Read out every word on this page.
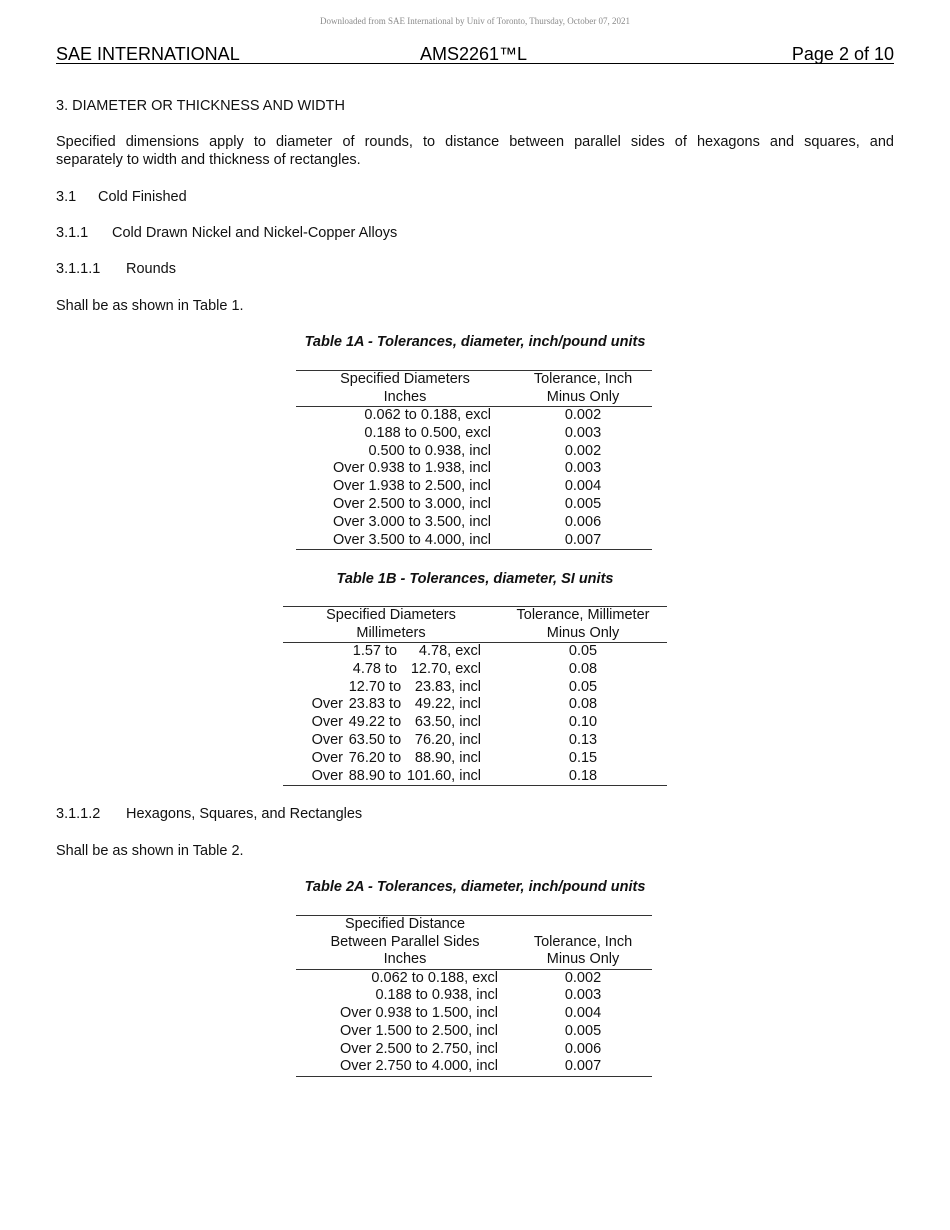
Downloaded from SAE International by Univ of Toronto, Thursday, October 07, 2021
SAE INTERNATIONAL	AMS2261™L	Page 2 of 10
3. DIAMETER OR THICKNESS AND WIDTH
Specified dimensions apply to diameter of rounds, to distance between parallel sides of hexagons and squares, and
separately to width and thickness of rectangles.
3.1 Cold Finished
3.1.1 Cold Drawn Nickel and Nickel-Copper Alloys
3.1.1.1 Rounds
Shall be as shown in Table 1.
Table 1A - Tolerances, diameter, inch/pound units
Specified Diameters	Tolerance, Inch
Inches	Minus Only
0.062 to 0.188, excl	0.002
0.188 to 0.500, excl	0.003
0.500 to 0.938, incl	0.002
Over 0.938 to 1.938, incl	0.003
Over 1.938 to 2.500, incl	0.004
Over 2.500 to 3.000, incl	0.005
Over 3.000 to 3.500, incl	0.006
Over 3.500 to 4.000, incl	0.007
Table 1B - Tolerances, diameter, SI units
Specified Diameters	Tolerance, Millimeter
Millimeters	Minus Only
1.57 to 4.78, excl	0.05
4.78 to 12.70, excl	0.08
12.70 to 23.83, incl	0.05
Over 23.83 to 49.22, incl	0.08
Over 49.22 to 63.50, incl	0.10
Over 63.50 to 76.20, incl	0.13
Over 76.20 to 88.90, incl	0.15
Over 88.90 to 101.60, incl	0.18
3.1.1.2 Hexagons, Squares, and Rectangles
Shall be as shown in Table 2.
Table 2A - Tolerances, diameter, inch/pound units
Specified Distance
Between Parallel Sides	Tolerance, Inch
Inches	Minus Only
0.062 to 0.188, excl	0.002
0.188 to 0.938, incl	0.003
Over 0.938 to 1.500, incl	0.004
Over 1.500 to 2.500, incl	0.005
Over 2.500 to 2.750, incl	0.006
Over 2.750 to 4.000, incl	0.007
